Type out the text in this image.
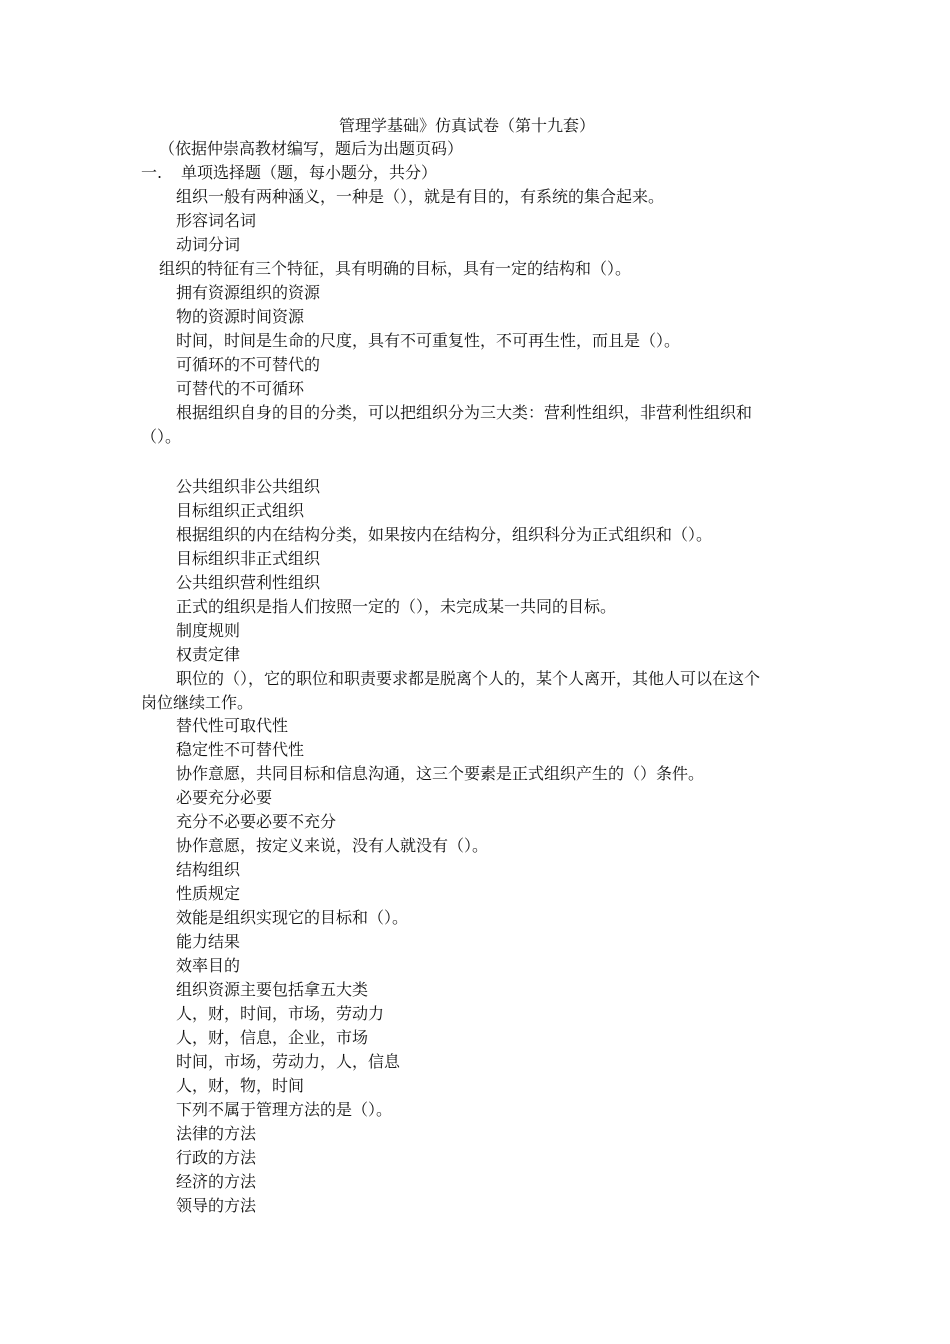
管理学基础》仿真试卷（第十九套）
（依据仲崇高教材编写，题后为出题页码）
一. 单项选择题（题，每小题分，共分）
组织一般有两种涵义，一种是（），就是有目的，有系统的集合起来。
形容词名词
动词分词
组织的特征有三个特征，具有明确的目标，具有一定的结构和（）。
拥有资源组织的资源
物的资源时间资源
时间，时间是生命的尺度，具有不可重复性，不可再生性，而且是（）。
可循环的不可替代的
可替代的不可循环
根据组织自身的目的分类，可以把组织分为三大类：营利性组织，非营利性组织和
（）。
公共组织非公共组织
目标组织正式组织
根据组织的内在结构分类，如果按内在结构分，组织科分为正式组织和（）。
目标组织非正式组织
公共组织营利性组织
正式的组织是指人们按照一定的（），未完成某一共同的目标。
制度规则
权责定律
职位的（），它的职位和职责要求都是脱离个人的，某个人离开，其他人可以在这个
岗位继续工作。
替代性可取代性
稳定性不可替代性
协作意愿，共同目标和信息沟通，这三个要素是正式组织产生的（）条件。
必要充分必要
充分不必要必要不充分
协作意愿，按定义来说，没有人就没有（）。
结构组织
性质规定
效能是组织实现它的目标和（）。
能力结果
效率目的
组织资源主要包括拿五大类
人，财，时间，市场，劳动力
人，财，信息，企业，市场
时间，市场，劳动力，人，信息
人，财，物，时间
下列不属于管理方法的是（）。
法律的方法
行政的方法
经济的方法
领导的方法
